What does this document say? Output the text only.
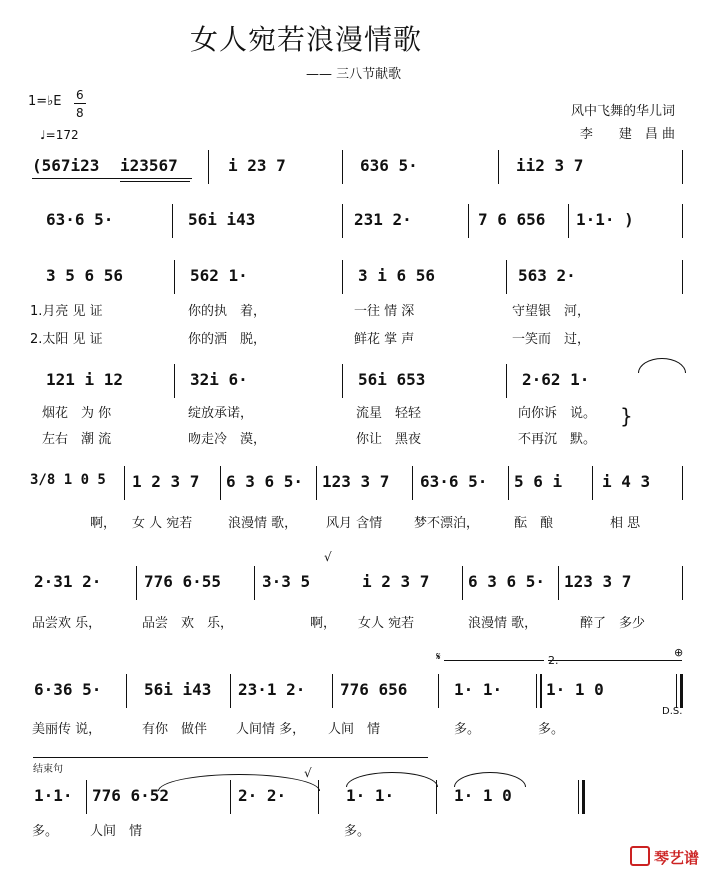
女人宛若浪漫情歌
—— 三八节献歌
1=♭E 6
8
♩=172
风中飞舞的华儿词
李　　建　昌 曲
(567i23 i23567	i 23 7	636 5·	ii2 3 7
63·6 5·	56i i43	231 2·	7 6 656 1·1· )
3 5 6 56	562 1·	3 i 6 56	563 2·
1.月亮 见 证	你的执　着，	一往 情 深	守望银　河，
2.太阳 见 证	你的洒　脱，	鲜花 掌 声	一笑而　过，
121 i 12	32i 6·	56i 653	2·62 1·
烟花　为 你	绽放承诺，	流星　轻轻	向你诉　说。
左右　潮 流	吻走冷　漠，	你让　黑夜	不再沉　默。
}
3/8 1 0 5 1 2 3 7 6 3 6 5· 123 3 7 63·6 5· 5 6 i i 4 3
啊， 女 人 宛若	浪漫情 歌， 风月 含情 梦不漂泊，	酝　酿	相 思
2·31 2·	776 6·55	3·3 5	i 2 3 7 6 3 6 5· 123 3 7
√
品尝欢 乐，	品尝　欢　乐，	啊， 女人 宛若	浪漫情 歌，	醉了　多少
𝄋	⊕
6·36 5·	56i i43 23·1 2· 776 656	1· 1·	1· 1 0
D.S.
美丽传 说，	有你　做伴 人间情 多， 人间　情	多。	多。
结束句
1·1· 776 6·52	2· 2·	1· 1·	1· 1 0
√
多。 人间　情	多。
琴艺谱
